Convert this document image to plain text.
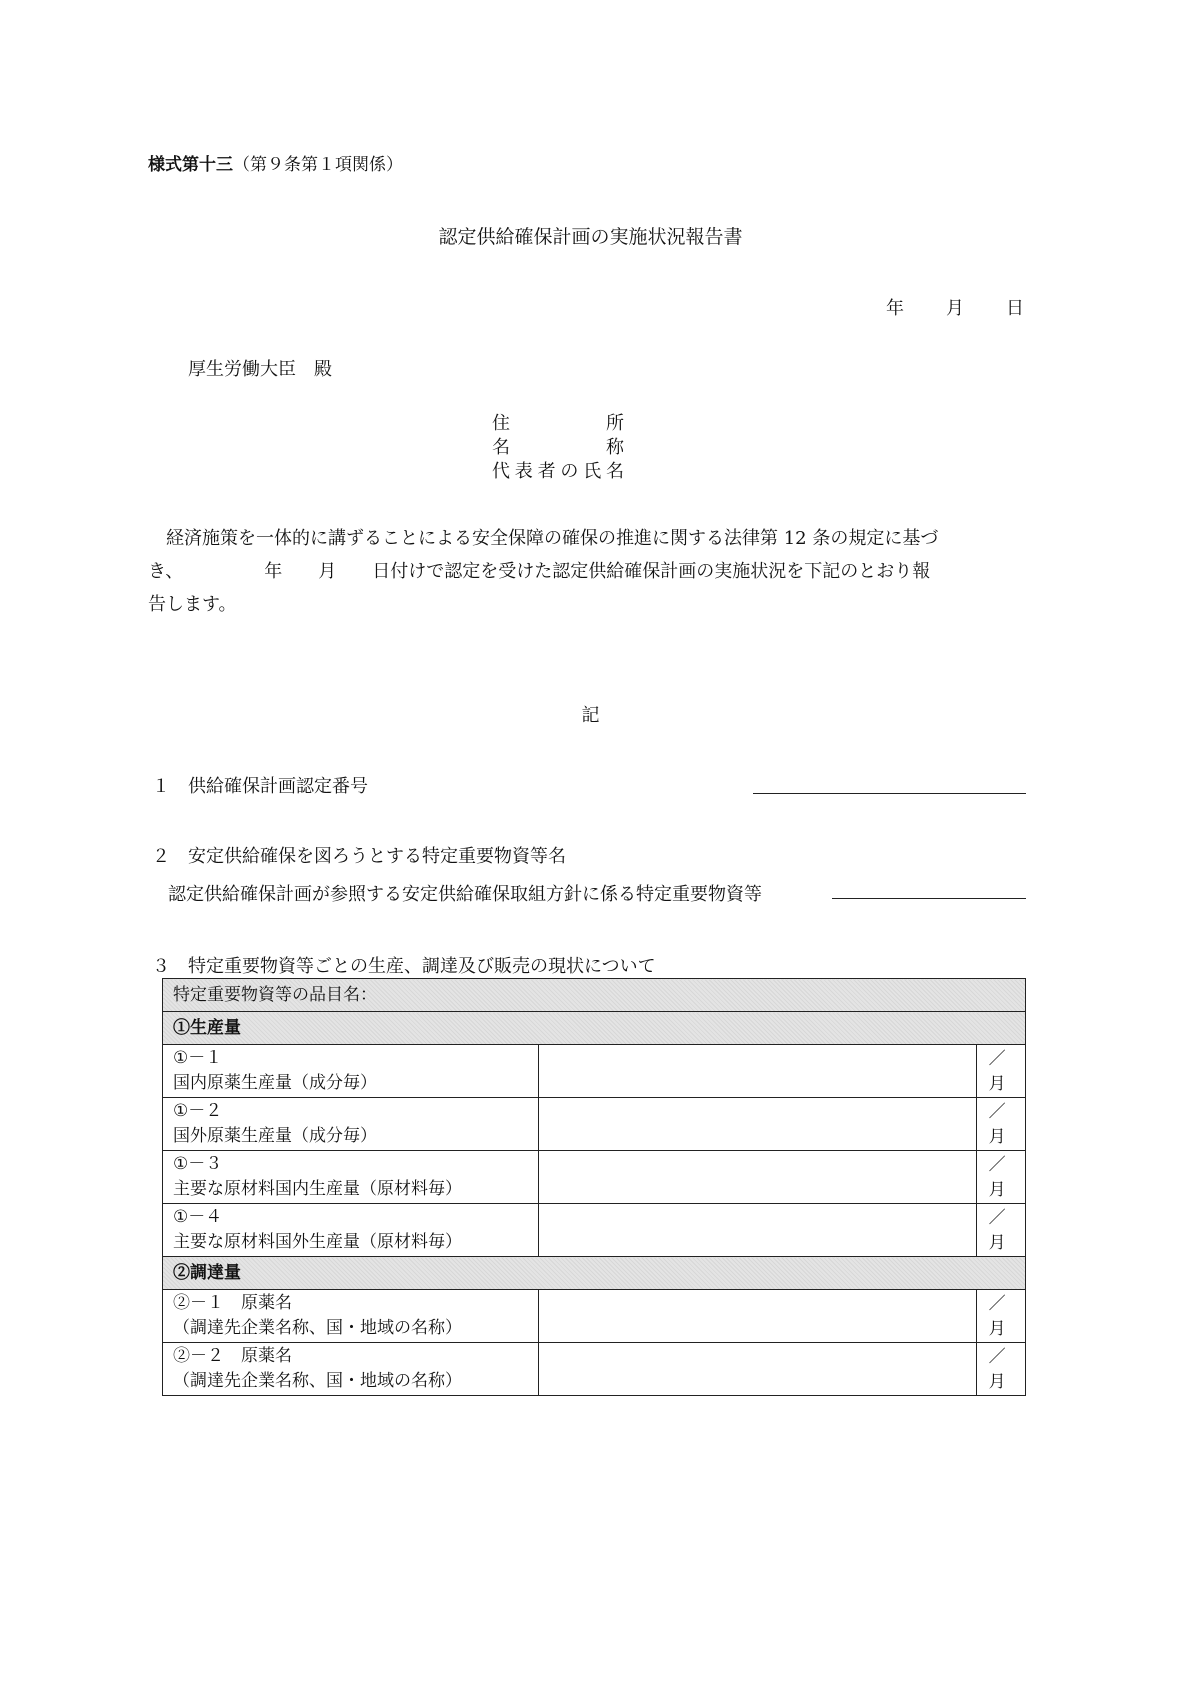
様式第十三（第９条第１項関係）
認定供給確保計画の実施状況報告書
年 月 日
厚生労働大臣　殿
住所
名称
代表者の氏名
　経済施策を一体的に講ずることによる安全保障の確保の推進に関する法律第 12 条の規定に基づ
き、　　　　　年　　月　　日付けで認定を受けた認定供給確保計画の実施状況を下記のとおり報
告します。
記
１　供給確保計画認定番号
２　安定供給確保を図ろうとする特定重要物資等名
認定供給確保計画が参照する安定供給確保取組方針に係る特定重要物資等
３　特定重要物資等ごとの生産、調達及び販売の現状について
特定重要物資等の品目名：		
①生産量		

①－１
国内原薬生産量（成分毎）		／月

①－２
国外原薬生産量（成分毎）		／月

①－３
主要な原材料国内生産量（原材料毎）		／月

①－４
主要な原材料国外生産量（原材料毎）		／月
②調達量		

②－１　原薬名
（調達先企業名称、国・地域の名称）		／月

②－２　原薬名
（調達先企業名称、国・地域の名称）		／月
